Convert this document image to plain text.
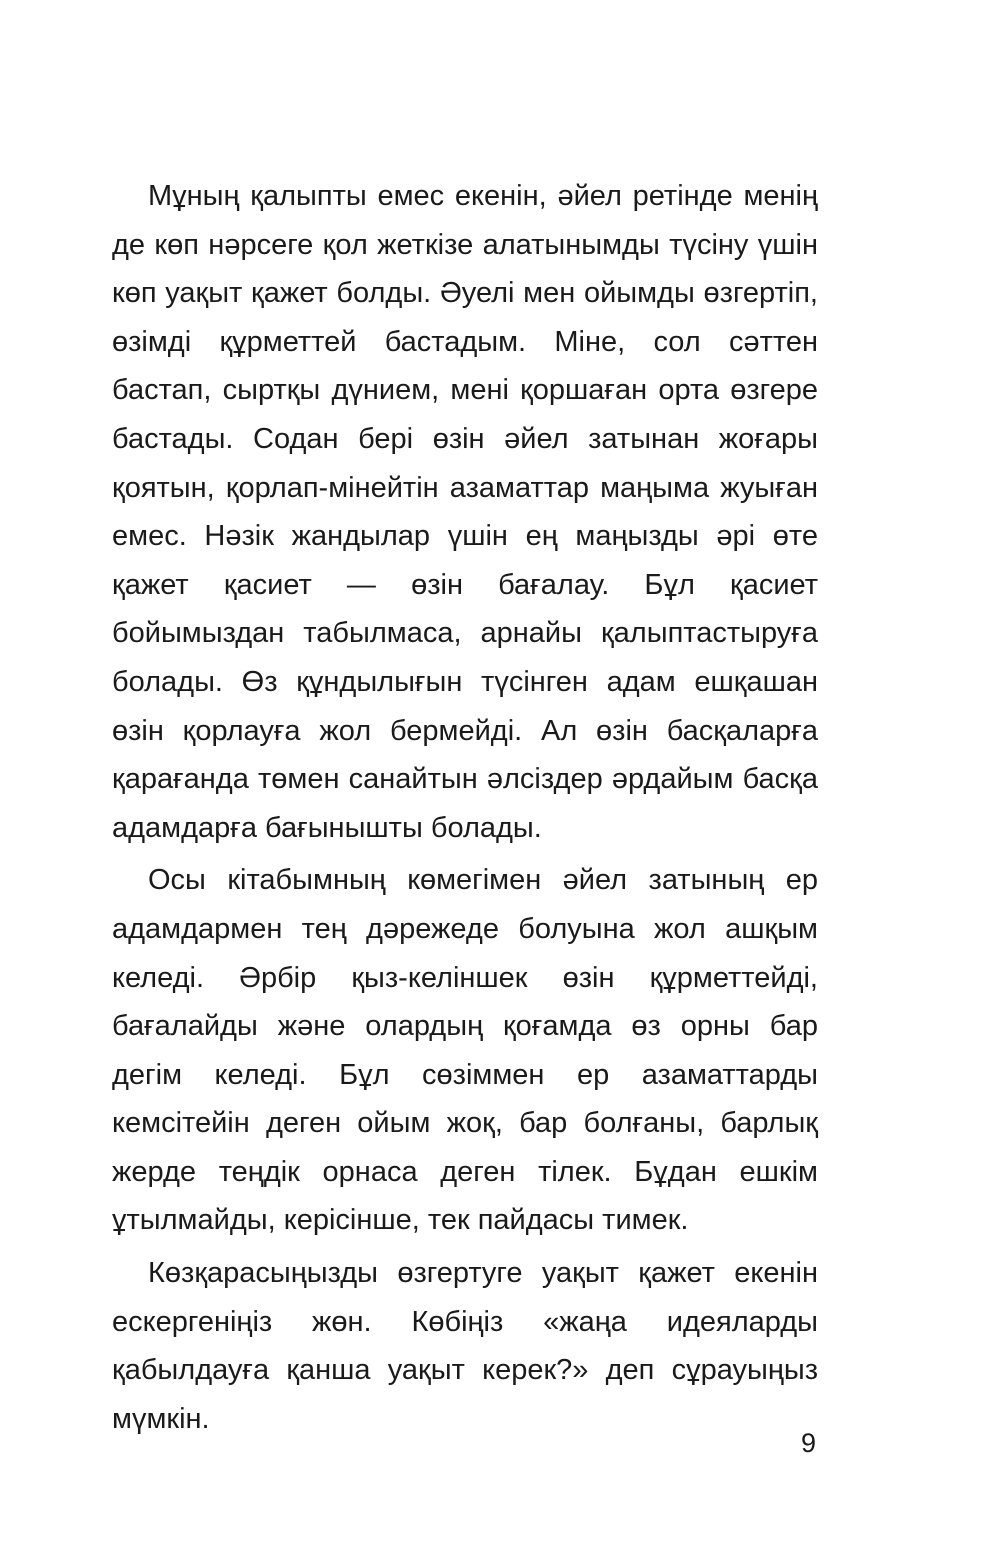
Мұның қалыпты емес екенін, әйел ретінде менің де көп нәрсеге қол жеткізе алатынымды түсіну үшін көп уақыт қажет болды. Әуелі мен ойымды өзгертіп, өзімді құрметтей бастадым. Міне, сол сәттен бастап, сыртқы дүнием, мені қоршаған орта өзгере бастады. Содан бері өзін әйел затынан жоғары қоятын, қорлап-мінейтін азаматтар маңыма жуыған емес. Нәзік жандылар үшін ең маңызды әрі өте қажет қасиет — өзін бағалау. Бұл қасиет бойымыздан табылмаса, арнайы қалыптастыруға болады. Өз құндылығын түсінген адам ешқашан өзін қорлауға жол бермейді. Ал өзін басқаларға қарағанда төмен санайтын әлсіздер әрдайым басқа адамдарға бағынышты болады.

Осы кітабымның көмегімен әйел затының ер адамдармен тең дәрежеде болуына жол ашқым келеді. Әрбір қыз-келіншек өзін құрметтейді, бағалайды және олардың қоғамда өз орны бар дегім келеді. Бұл сөзіммен ер азаматтарды кемсітейін деген ойым жоқ, бар болғаны, барлық жерде теңдік орнаса деген тілек. Бұдан ешкім ұтылмайды, керісінше, тек пайдасы тимек.

Көзқарасыңызды өзгертуге уақыт қажет екенін ескергеніңіз жөн. Көбіңіз «жаңа идеяларды қабылдауға қанша уақыт керек?» деп сұрауыңыз мүмкін.

9
